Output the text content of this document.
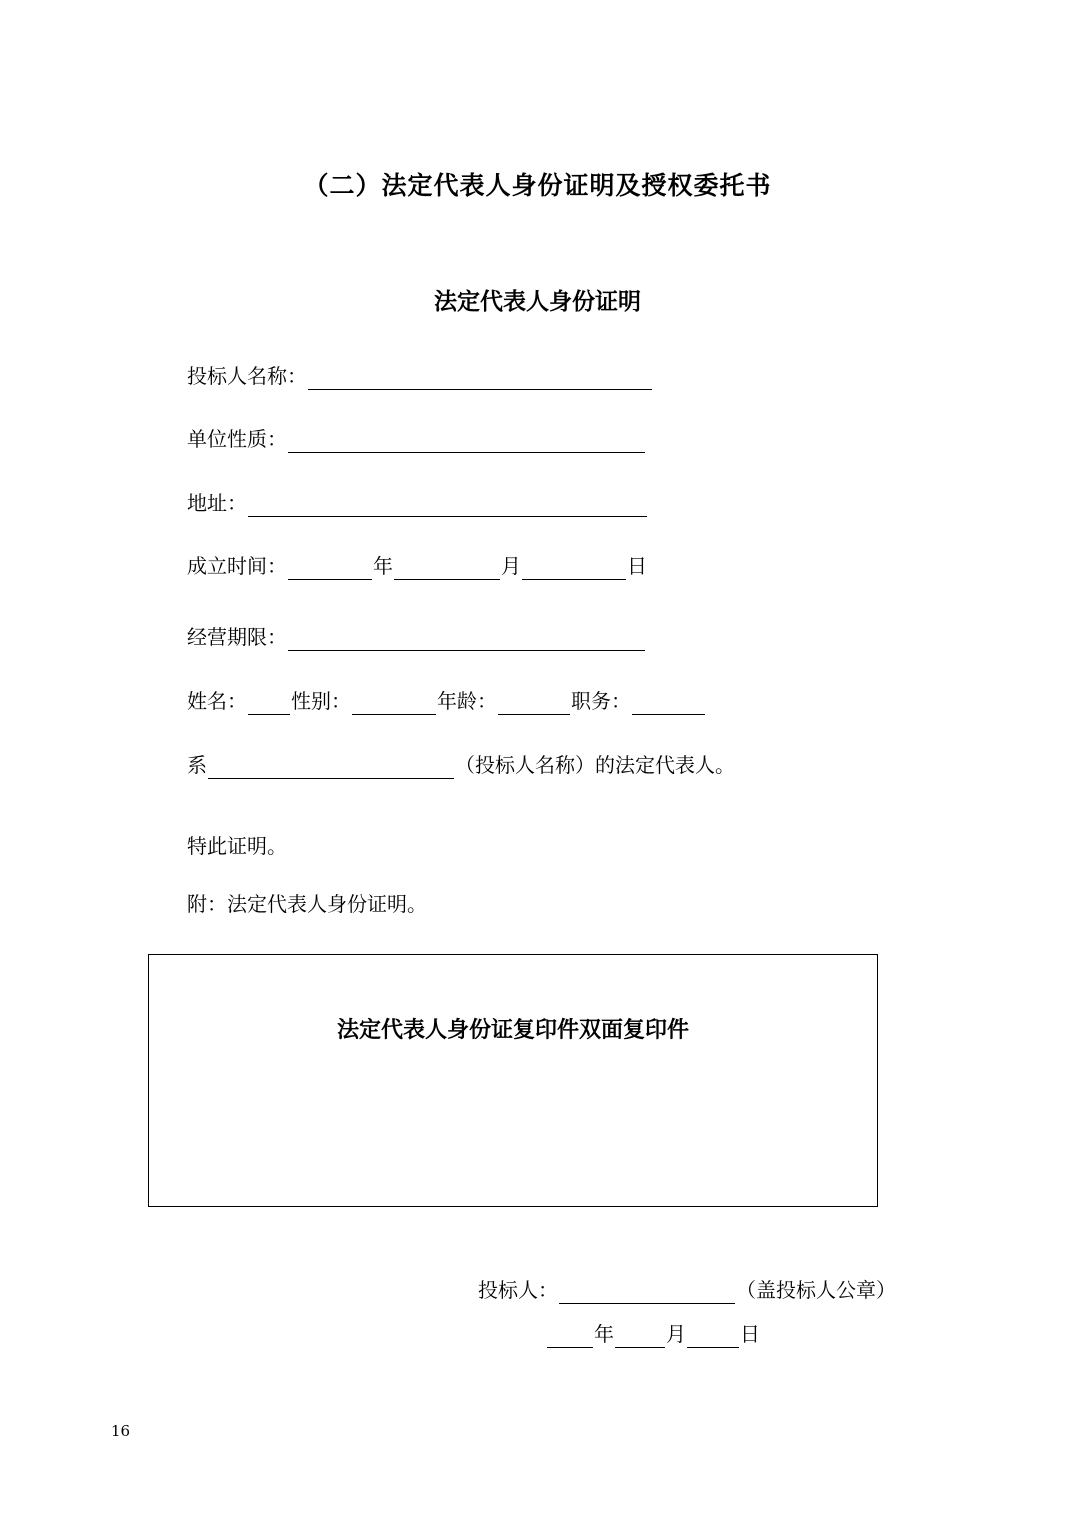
（二）法定代表人身份证明及授权委托书
法定代表人身份证明
投标人名称：
单位性质：
地址：
成立时间：	年	月	日
经营期限：
姓名： 性别：	年龄：	职务：
系	（投标人名称）的法定代表人。
特此证明。
附：法定代表人身份证明。
法定代表人身份证复印件双面复印件
投标人：	（盖投标人公章）
年	月	日
16
